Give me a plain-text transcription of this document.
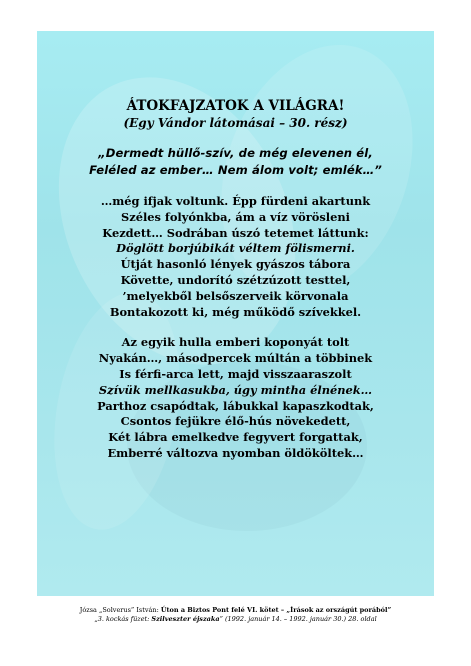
ÁTOKFAJZATOK A VILÁGRA!

(Egy Vándor látomásai – 30. rész)

„Dermedt hüllő-szív, de még elevenen él,
Feléled az ember… Nem álom volt; emlék…”
…még ifjak voltunk. Épp fürdeni akartunk
Széles folyónkba, ám a víz vörösleni
Kezdett… Sodrában úszó tetemet láttunk:
Döglött borjúbikát véltem fölismerni.
Útját hasonló lények gyászos tábora
Követte, undorító szétzúzott testtel,
’melyekből belsőszerveik körvonala
Bontakozott ki, még működő szívekkel.
Az egyik hulla emberi koponyát tolt
Nyakán…, másodpercek múltán a többinek
Is férfi-arca lett, majd visszaaraszolt
Szívük mellkasukba, úgy mintha élnének…
Parthoz csapódtak, lábukkal kapaszkodtak,
Csontos fejükre élő-hús növekedett,
Két lábra emelkedve fegyvert forgattak,
Emberré változva nyomban öldököltek…
Józsa „Solverus” István: Úton a Biztos Pont felé VI. kötet – „Írások az országút porából”
„3. kockás füzet: Szilveszter éjszaka” (1992. január 14. – 1992. január 30.) 28. oldal
